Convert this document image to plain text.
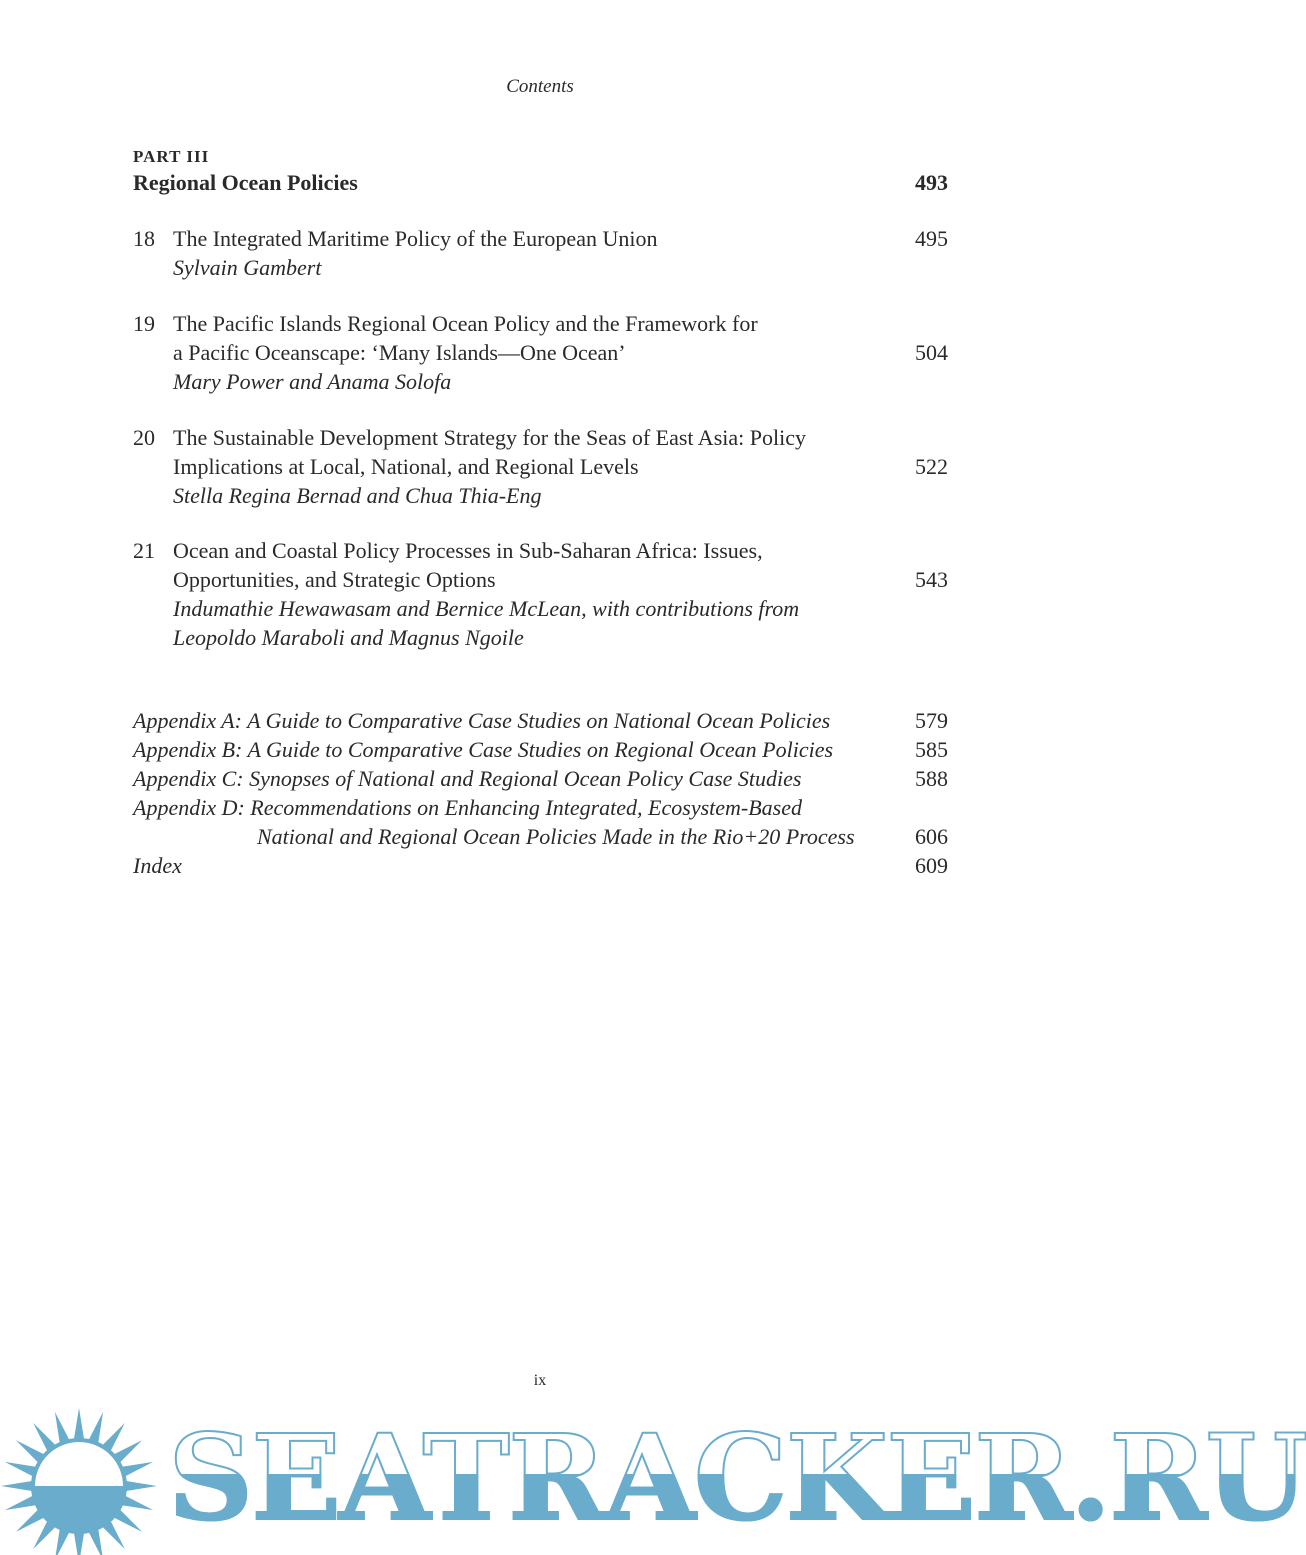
Contents
PART III
Regional Ocean Policies	493
18 The Integrated Maritime Policy of the European Union	495
Sylvain Gambert
19 The Pacific Islands Regional Ocean Policy and the Framework for
a Pacific Oceanscape: ‘Many Islands—One Ocean’	504
Mary Power and Anama Solofa
20 The Sustainable Development Strategy for the Seas of East Asia: Policy
Implications at Local, National, and Regional Levels	522
Stella Regina Bernad and Chua Thia-Eng
21 Ocean and Coastal Policy Processes in Sub-Saharan Africa: Issues,
Opportunities, and Strategic Options	543
Indumathie Hewawasam and Bernice McLean, with contributions from
Leopoldo Maraboli and Magnus Ngoile
Appendix A: A Guide to Comparative Case Studies on National Ocean Policies	579
Appendix B: A Guide to Comparative Case Studies on Regional Ocean Policies	585
Appendix C: Synopses of National and Regional Ocean Policy Case Studies	588
Appendix D: Recommendations on Enhancing Integrated, Ecosystem-Based
National and Regional Ocean Policies Made in the Rio+20 Process	606
Index	609
ix
SEATRACKER.RU
